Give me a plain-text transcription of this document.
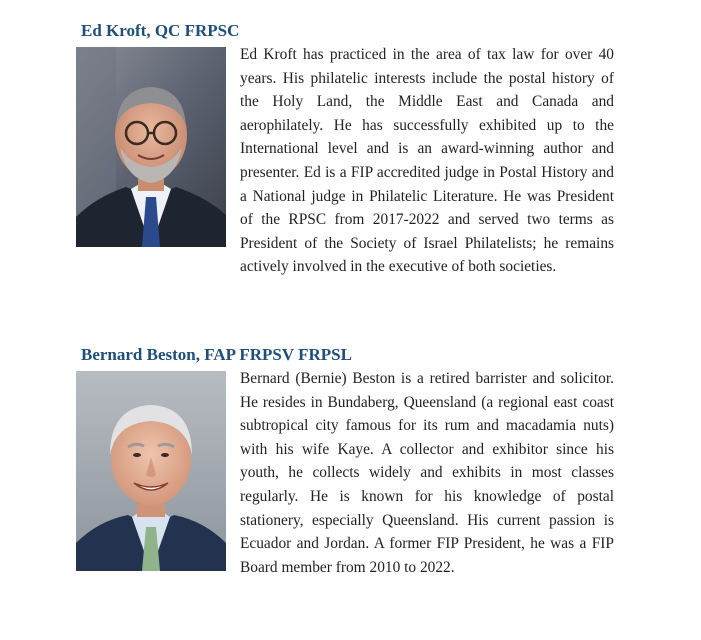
Ed Kroft, QC FRPSC
Ed Kroft has practiced in the area of tax law for over 40 years. His philatelic interests include the postal history of the Holy Land, the Middle East and Canada and aerophilately. He has successfully exhibited up to the International level and is an award-winning author and presenter. Ed is a FIP accredited judge in Postal History and a National judge in Philatelic Literature. He was President of the RPSC from 2017-2022 and served two terms as President of the Society of Israel Philatelists; he remains actively involved in the executive of both societies.
Bernard Beston, FAP FRPSV FRPSL
Bernard (Bernie) Beston is a retired barrister and solicitor. He resides in Bundaberg, Queensland (a regional east coast subtropical city famous for its rum and macadamia nuts) with his wife Kaye. A collector and exhibitor since his youth, he collects widely and exhibits in most classes regularly. He is known for his knowledge of postal stationery, especially Queensland. His current passion is Ecuador and Jordan. A former FIP President, he was a FIP Board member from 2010 to 2022.
